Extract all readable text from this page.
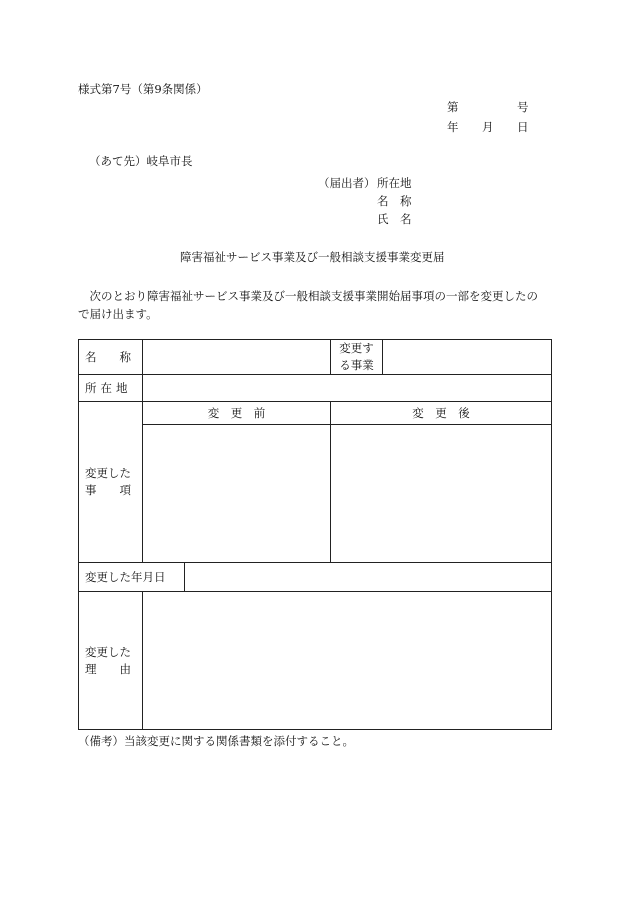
様式第7号（第9条関係）
第	号
年 月 日
（あて先）岐阜市長
（届出者） 所在地
名　称
氏　名
障害福祉サービス事業及び一般相談支援事業変更届
　次のとおり障害福祉サービス事業及び一般相談支援事業開始届事項の一部を変更したの
で届け出ます。
名　　称			変更す
る事業	

所在地				

変更した
事　　項	変　更　前		変　更　後	

変更した年月日				

変更した
理　　由				

（備考） 当該変更に関する関係書類を添付すること。
